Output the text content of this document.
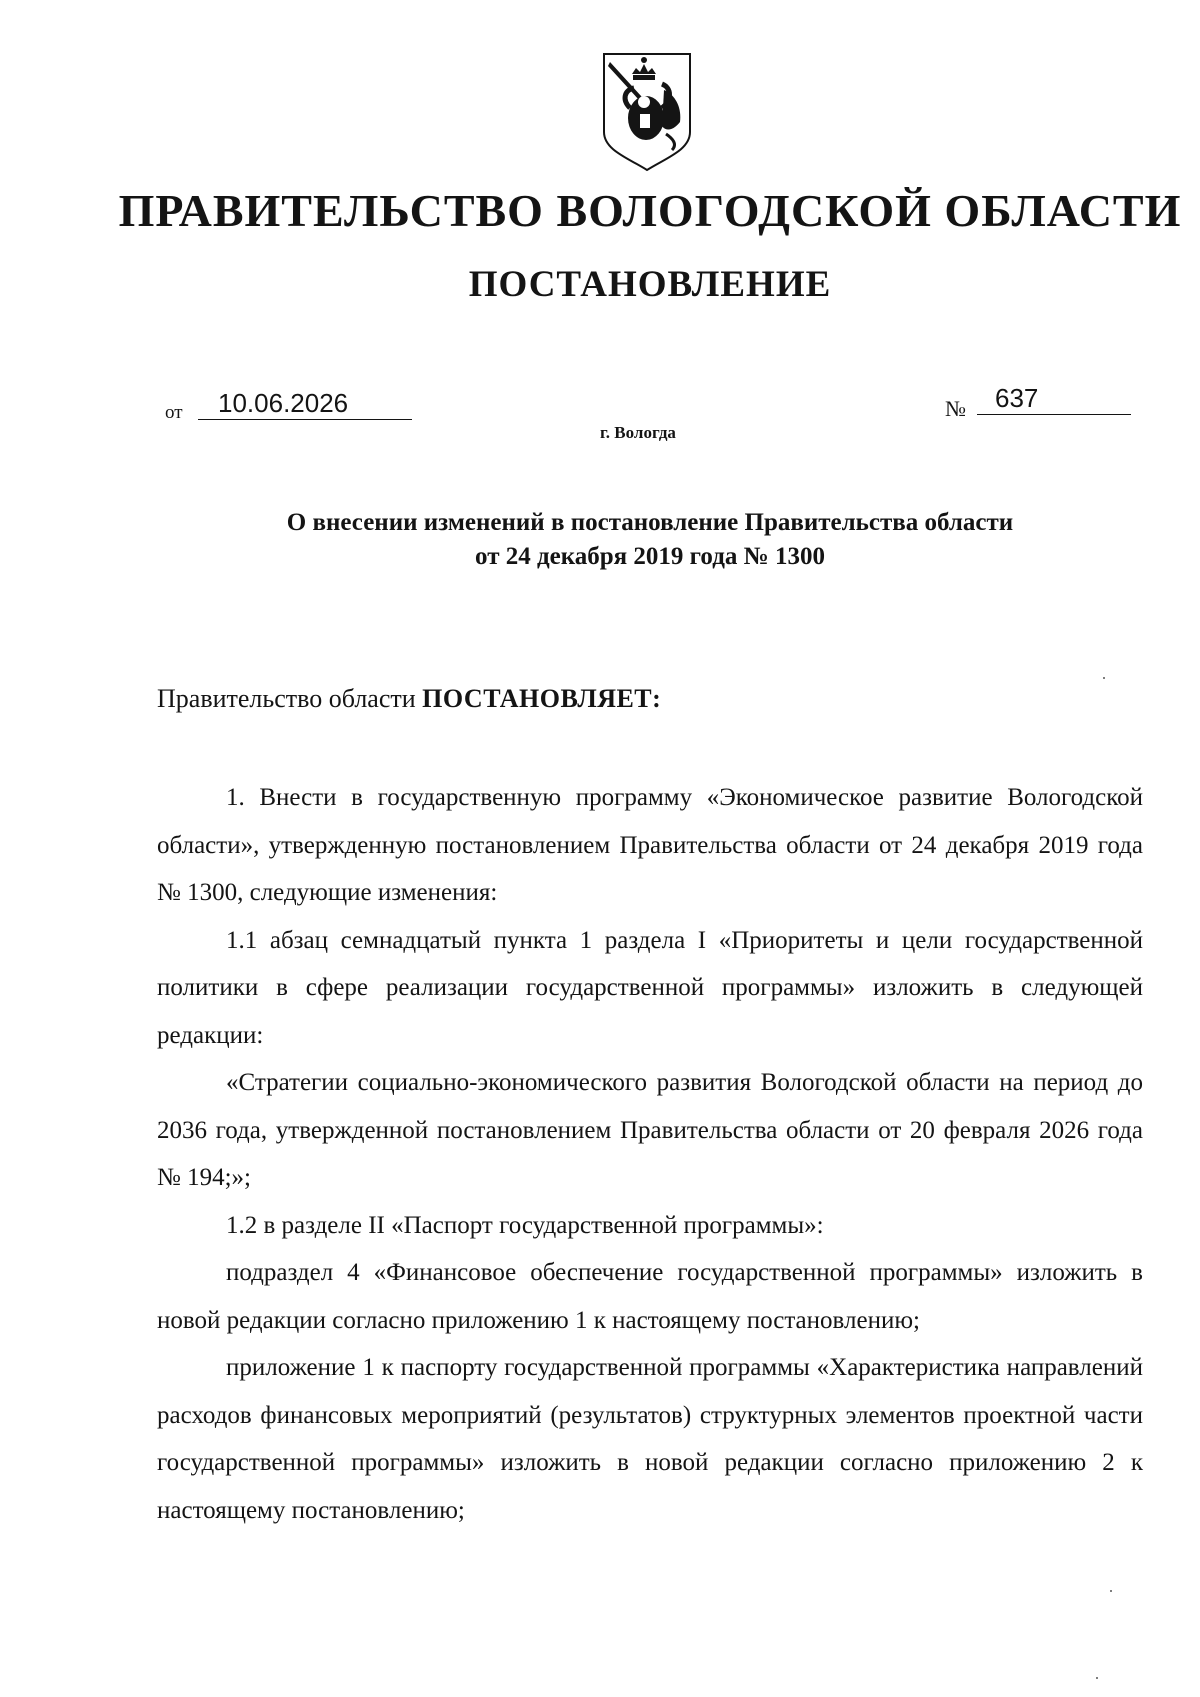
ПРАВИТЕЛЬСТВО ВОЛОГОДСКОЙ ОБЛАСТИ
ПОСТАНОВЛЕНИЕ
от	10.06.2026	№	637
г. Вологда
О внесении изменений в постановление Правительства области
от 24 декабря 2019 года № 1300
Правительство области ПОСТАНОВЛЯЕТ:

1. Внести в государственную программу «Экономическое развитие Вологодской области», утвержденную постановлением Правительства области от 24 декабря 2019 года № 1300, следующие изменения:

1.1 абзац семнадцатый пункта 1 раздела I «Приоритеты и цели государственной политики в сфере реализации государственной программы» изложить в следующей редакции:

«Стратегии социально-экономического развития Вологодской области на период до 2036 года, утвержденной постановлением Правительства области от 20 февраля 2026 года № 194;»;

1.2 в разделе II «Паспорт государственной программы»:

подраздел 4 «Финансовое обеспечение государственной программы» изложить в новой редакции согласно приложению 1 к настоящему постановлению;

приложение 1 к паспорту государственной программы «Характеристика направлений расходов финансовых мероприятий (результатов) структурных элементов проектной части государственной программы» изложить в новой редакции согласно приложению 2 к настоящему постановлению;
